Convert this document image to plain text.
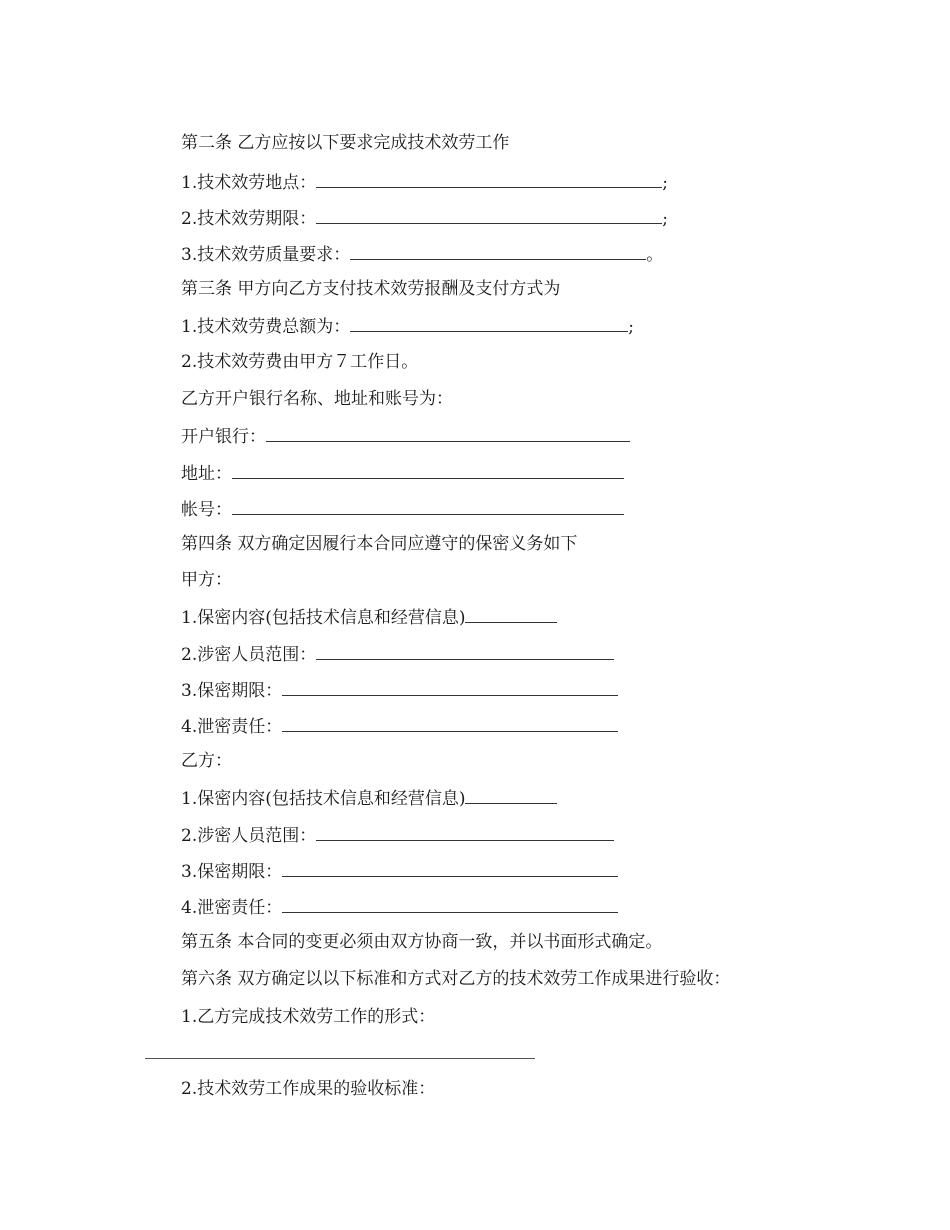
第二条 乙方应按以下要求完成技术效劳工作
1.技术效劳地点：	;
2.技术效劳期限：	;
3.技术效劳质量要求：	。
第三条 甲方向乙方支付技术效劳报酬及支付方式为
1.技术效劳费总额为：	;
2.技术效劳费由甲方７工作日。
乙方开户银行名称、地址和账号为：
开户银行：
地址：
帐号：
第四条 双方确定因履行本合同应遵守的保密义务如下
甲方：
1.保密内容(包括技术信息和经营信息)
2.涉密人员范围：
3.保密期限：
4.泄密责任：
乙方：
1.保密内容(包括技术信息和经营信息)
2.涉密人员范围：
3.保密期限：
4.泄密责任：
第五条 本合同的变更必须由双方协商一致，并以书面形式确定。
第六条 双方确定以以下标准和方式对乙方的技术效劳工作成果进行验收：
1.乙方完成技术效劳工作的形式：
2.技术效劳工作成果的验收标准：
